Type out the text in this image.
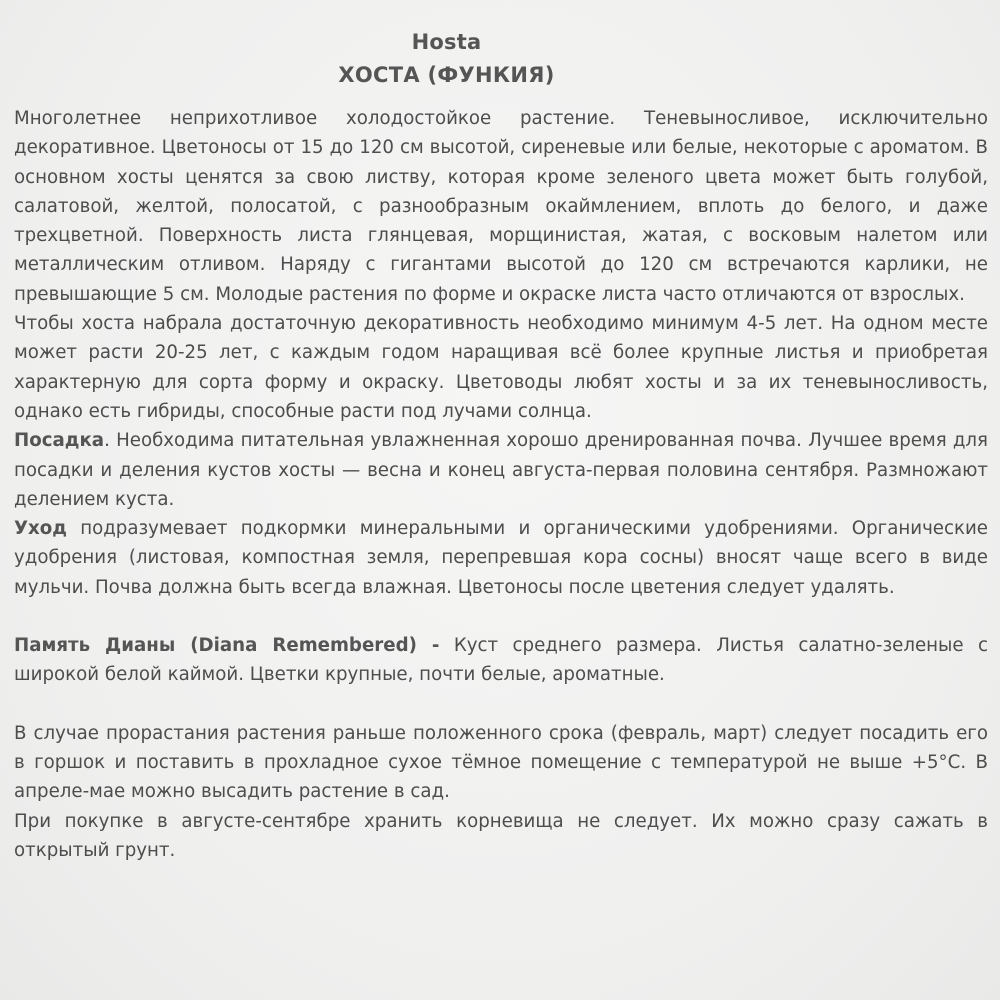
Hosta
ХОСТА (ФУНКИЯ)

Многолетнее неприхотливое холодостойкое растение. Теневыносливое, исключительно декоративное. Цветоносы от 15 до 120 см высотой, сиреневые или белые, некоторые с ароматом. В основном хосты ценятся за свою листву, которая кроме зеленого цвета может быть голубой, салатовой, желтой, полосатой, с разнообразным окаймлением, вплоть до белого, и даже трехцветной. Поверхность листа глянцевая, морщинистая, жатая, с восковым налетом или металлическим отливом. Наряду с гигантами высотой до 120 см встречаются карлики, не превышающие 5 см. Молодые растения по форме и окраске листа часто отличаются от взрослых.

Чтобы хоста набрала достаточную декоративность необходимо минимум 4-5 лет. На одном месте может расти 20-25 лет, с каждым годом наращивая всё более крупные листья и приобретая характерную для сорта форму и окраску. Цветоводы любят хосты и за их теневыносливость, однако есть гибриды, способные расти под лучами солнца.

Посадка. Необходима питательная увлажненная хорошо дренированная почва. Лучшее время для посадки и деления кустов хосты — весна и конец августа-первая половина сентября. Размножают делением куста.

Уход подразумевает подкормки минеральными и органическими удобрениями. Органические удобрения (листовая, компостная земля, перепревшая кора сосны) вносят чаще всего в виде мульчи. Почва должна быть всегда влажная. Цветоносы после цветения следует удалять.

Память Дианы (Diana Remembered) - Куст среднего размера. Листья салатно-зеленые с широкой белой каймой. Цветки крупные, почти белые, ароматные.

В случае прорастания растения раньше положенного срока (февраль, март) следует посадить его в горшок и поставить в прохладное сухое тёмное помещение с температурой не выше +5°С. В апреле-мае можно высадить растение в сад.

При покупке в августе-сентябре хранить корневища не следует. Их можно сразу сажать в открытый грунт.
